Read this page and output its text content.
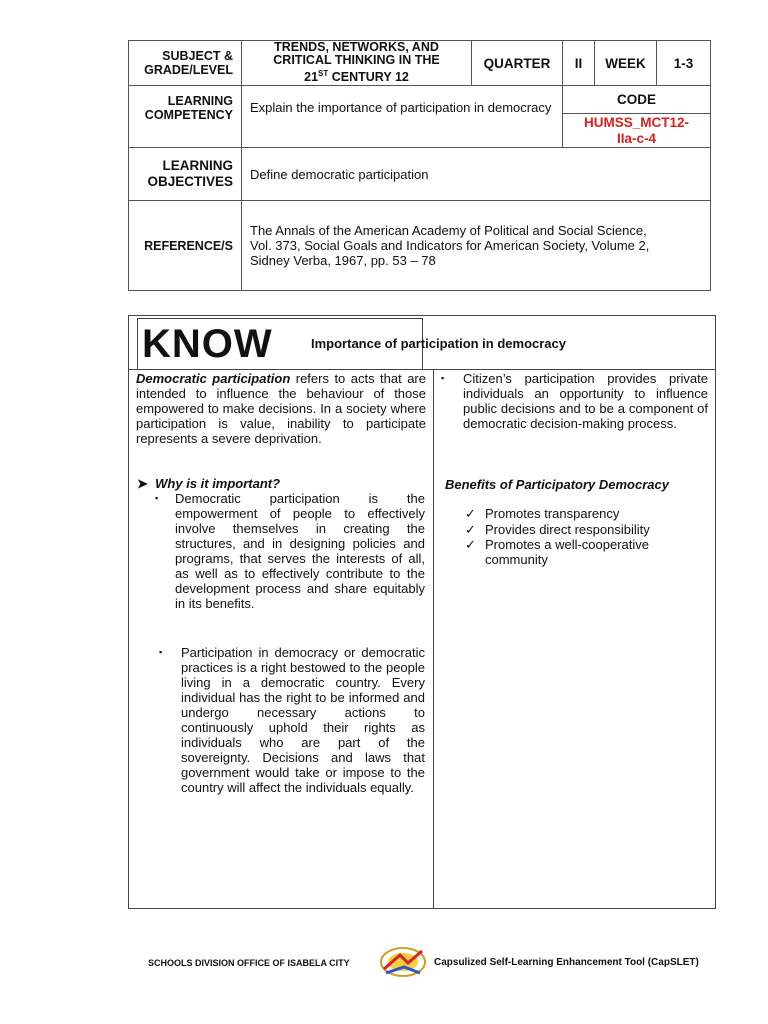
SUBJECT & GRADE/LEVEL	TRENDS, NETWORKS, AND
CRITICAL THINKING IN THE
21ST CENTURY 12	QUARTER	II	WEEK	1-3
LEARNING COMPETENCY	Explain the importance of participation in democracy		CODE		
			HUMSS_MCT12-
IIa-c-4		
LEARNING OBJECTIVES	Define democratic participation				
REFERENCE/S	The Annals of the American Academy of Political and Social Science, Vol. 373, Social Goals and Indicators for American Society, Volume 2, Sidney Verba, 1967, pp. 53 – 78				
KNOW	Importance of participation in democracy
Democratic participation refers to acts that are intended to influence the behaviour of those empowered to make decisions. In a society where participation is value, inability to participate represents a severe deprivation.
➤ Why is it important?
▪ Democratic participation is the empowerment of people to effectively involve themselves in creating the structures, and in designing policies and programs, that serves the interests of all, as well as to effectively contribute to the development process and share equitably in its benefits.
▪ Participation in democracy or democratic practices is a right bestowed to the people living in a democratic country. Every individual has the right to be informed and undergo necessary actions to continuously uphold their rights as individuals who are part of the sovereignty. Decisions and laws that government would take or impose to the country will affect the individuals equally.
▪ Citizen’s participation provides private individuals an opportunity to influence public decisions and to be a component of democratic decision-making process.
Benefits of Participatory Democracy
✓ Promotes transparency
✓ Provides direct responsibility
✓ Promotes a well-cooperative community
SCHOOLS DIVISION OFFICE OF ISABELA CITY	Capsulized Self-Learning Enhancement Tool (CapSLET)
